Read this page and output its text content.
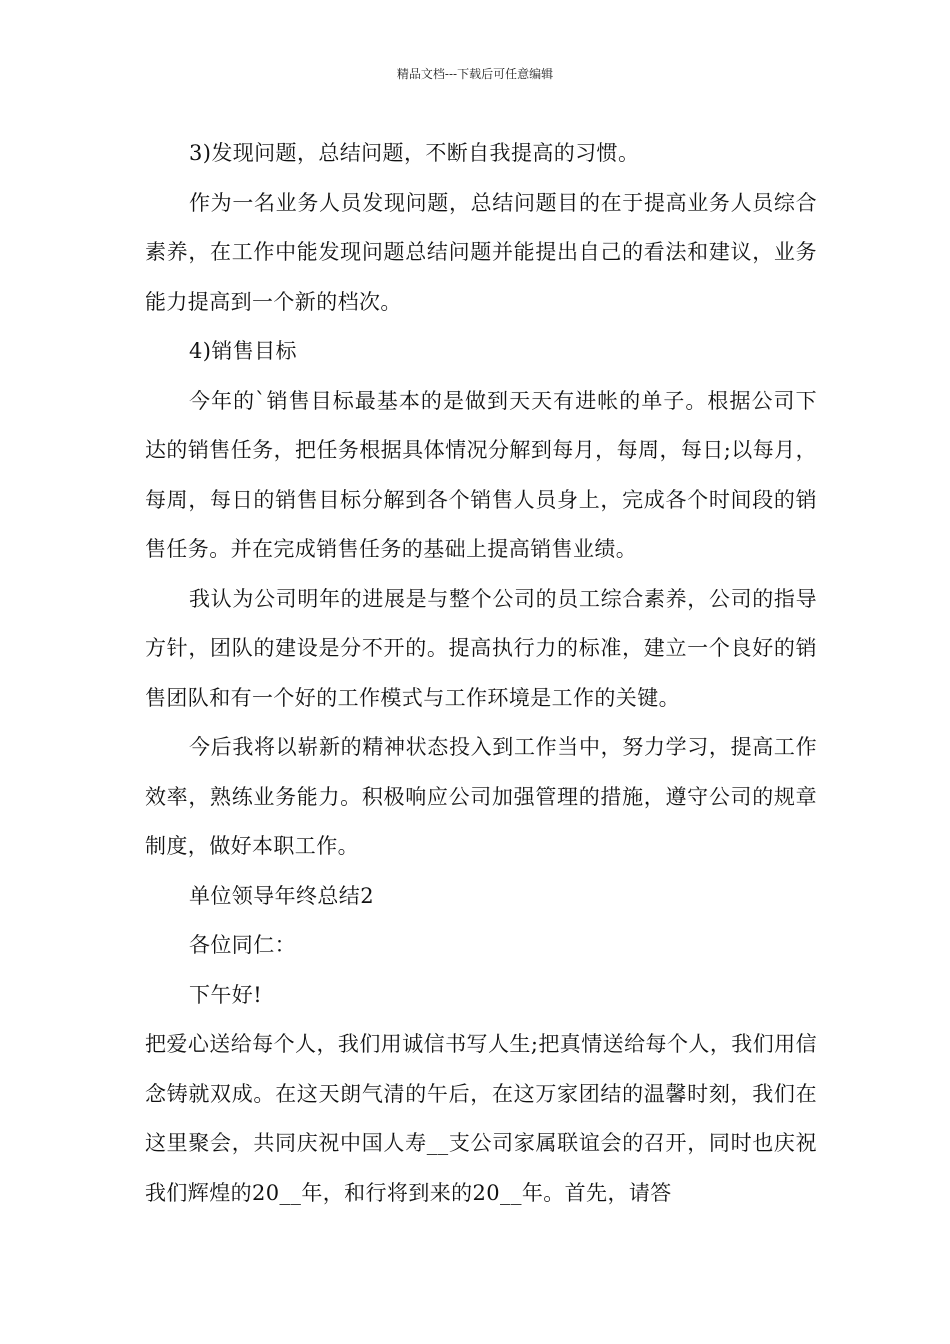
精品文档---下载后可任意编辑

3)发现问题，总结问题，不断自我提高的习惯。

作为一名业务人员发现问题，总结问题目的在于提高业务人员综合素养，在工作中能发现问题总结问题并能提出自己的看法和建议，业务能力提高到一个新的档次。

4)销售目标

今年的`销售目标最基本的是做到天天有进帐的单子。根据公司下达的销售任务，把任务根据具体情况分解到每月，每周，每日;以每月，每周，每日的销售目标分解到各个销售人员身上，完成各个时间段的销售任务。并在完成销售任务的基础上提高销售业绩。

我认为公司明年的进展是与整个公司的员工综合素养，公司的指导方针，团队的建设是分不开的。提高执行力的标准，建立一个良好的销售团队和有一个好的工作模式与工作环境是工作的关键。

今后我将以崭新的精神状态投入到工作当中，努力学习，提高工作效率，熟练业务能力。积极响应公司加强管理的措施，遵守公司的规章制度，做好本职工作。

单位领导年终总结2

各位同仁：

下午好!

把爱心送给每个人，我们用诚信书写人生;把真情送给每个人，我们用信念铸就双成。在这天朗气清的午后，在这万家团结的温馨时刻，我们在这里聚会，共同庆祝中国人寿__支公司家属联谊会的召开，同时也庆祝我们辉煌的20__年，和行将到来的20__年。首先，请答
